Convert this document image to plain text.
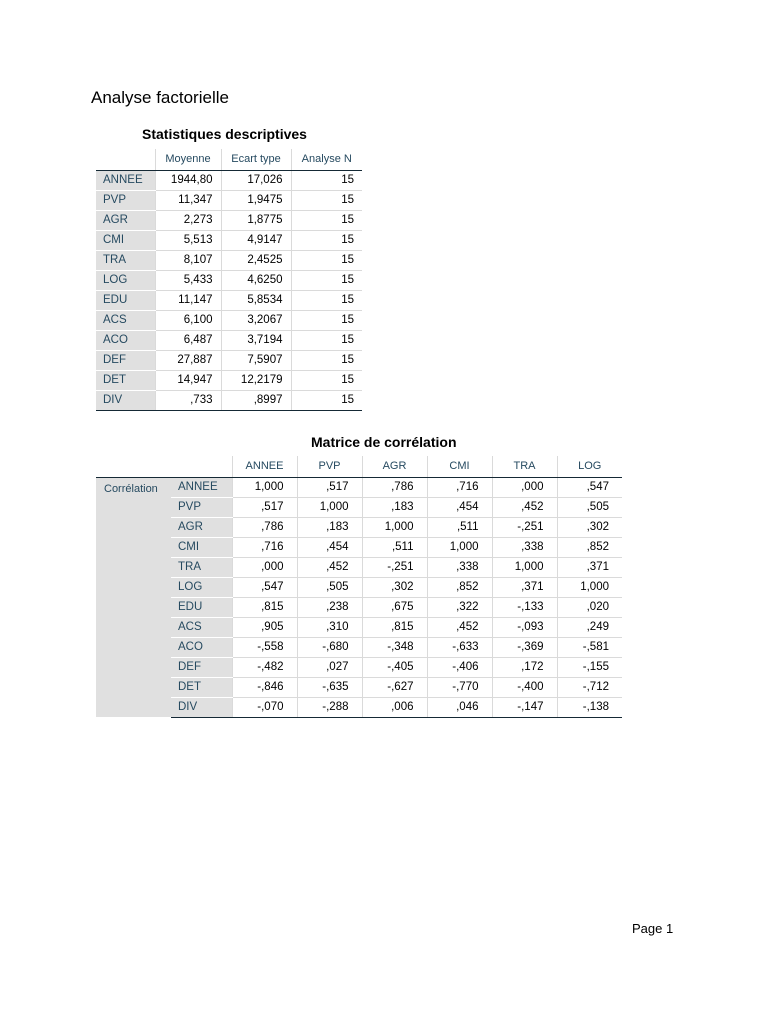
Analyse factorielle
Statistiques descriptives
	Moyenne	Ecart type	Analyse N
ANNEE	1944,80	17,026	15
PVP	11,347	1,9475	15
AGR	2,273	1,8775	15
CMI	5,513	4,9147	15
TRA	8,107	2,4525	15
LOG	5,433	4,6250	15
EDU	11,147	5,8534	15
ACS	6,100	3,2067	15
ACO	6,487	3,7194	15
DEF	27,887	7,5907	15
DET	14,947	12,2179	15
DIV	,733	,8997	15
Matrice de corrélation
		ANNEE	PVP	AGR	CMI	TRA	LOG
Corrélation	ANNEE	1,000	,517	,786	,716	,000	,547
	PVP	,517	1,000	,183	,454	,452	,505
	AGR	,786	,183	1,000	,511	-,251	,302
	CMI	,716	,454	,511	1,000	,338	,852
	TRA	,000	,452	-,251	,338	1,000	,371
	LOG	,547	,505	,302	,852	,371	1,000
	EDU	,815	,238	,675	,322	-,133	,020
	ACS	,905	,310	,815	,452	-,093	,249
	ACO	-,558	-,680	-,348	-,633	-,369	-,581
	DEF	-,482	,027	-,405	-,406	,172	-,155
	DET	-,846	-,635	-,627	-,770	-,400	-,712
	DIV	-,070	-,288	,006	,046	-,147	-,138
Page 1
